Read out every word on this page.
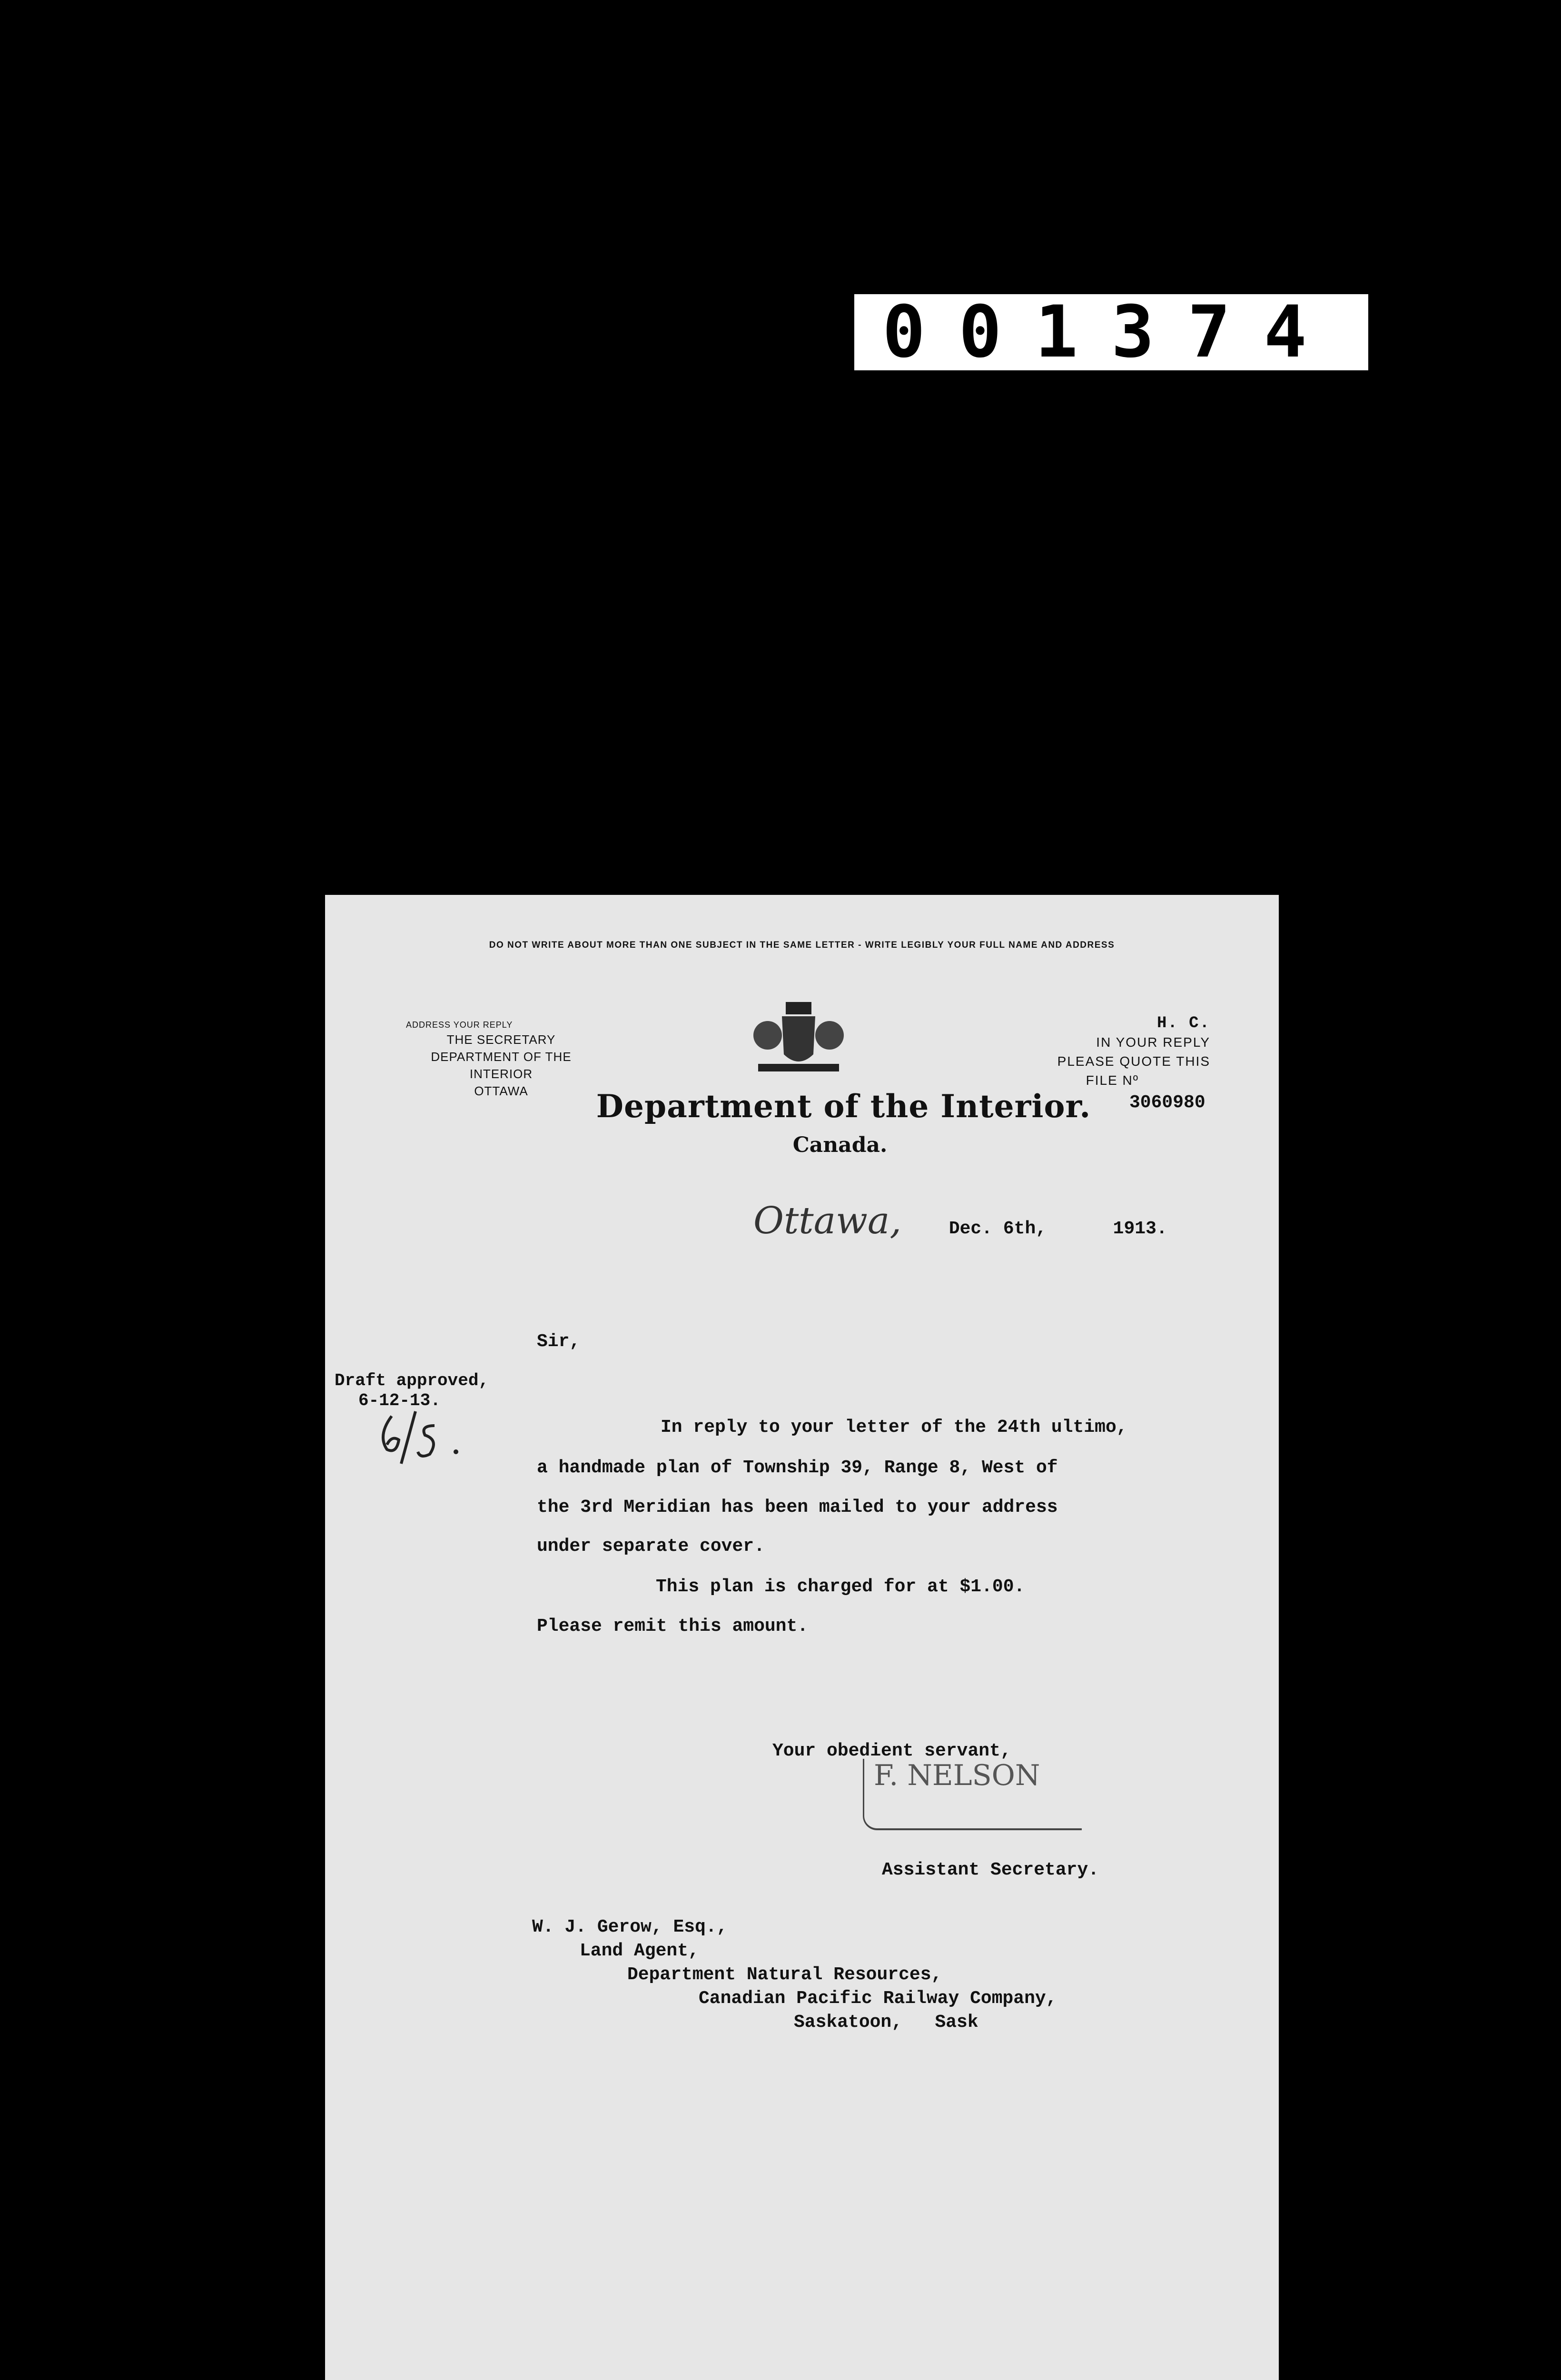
001374
DO NOT WRITE ABOUT MORE THAN ONE SUBJECT IN THE SAME LETTER - WRITE LEGIBLY YOUR FULL NAME AND ADDRESS
ADDRESS YOUR REPLY
THE SECRETARY
DEPARTMENT OF THE INTERIOR
OTTAWA	Department of the Interior.
Canada.
H. C.
IN YOUR REPLY
PLEASE QUOTE THIS
FILE Nº
3060980
Ottawa,	Dec. 6th,	1913.
Sir,
Draft approved,
6-12-13.
In reply to your letter of the 24th ultimo,
a handmade plan of Township 39, Range 8, West of
the 3rd Meridian has been mailed to your address
under separate cover.
This plan is charged for at $1.00.
Please remit this amount.
Your obedient servant,
F. NELSON
Assistant Secretary.
W. J. Gerow, Esq.,
Land Agent,
Department Natural Resources,
Canadian Pacific Railway Company,
Saskatoon,   Sask
